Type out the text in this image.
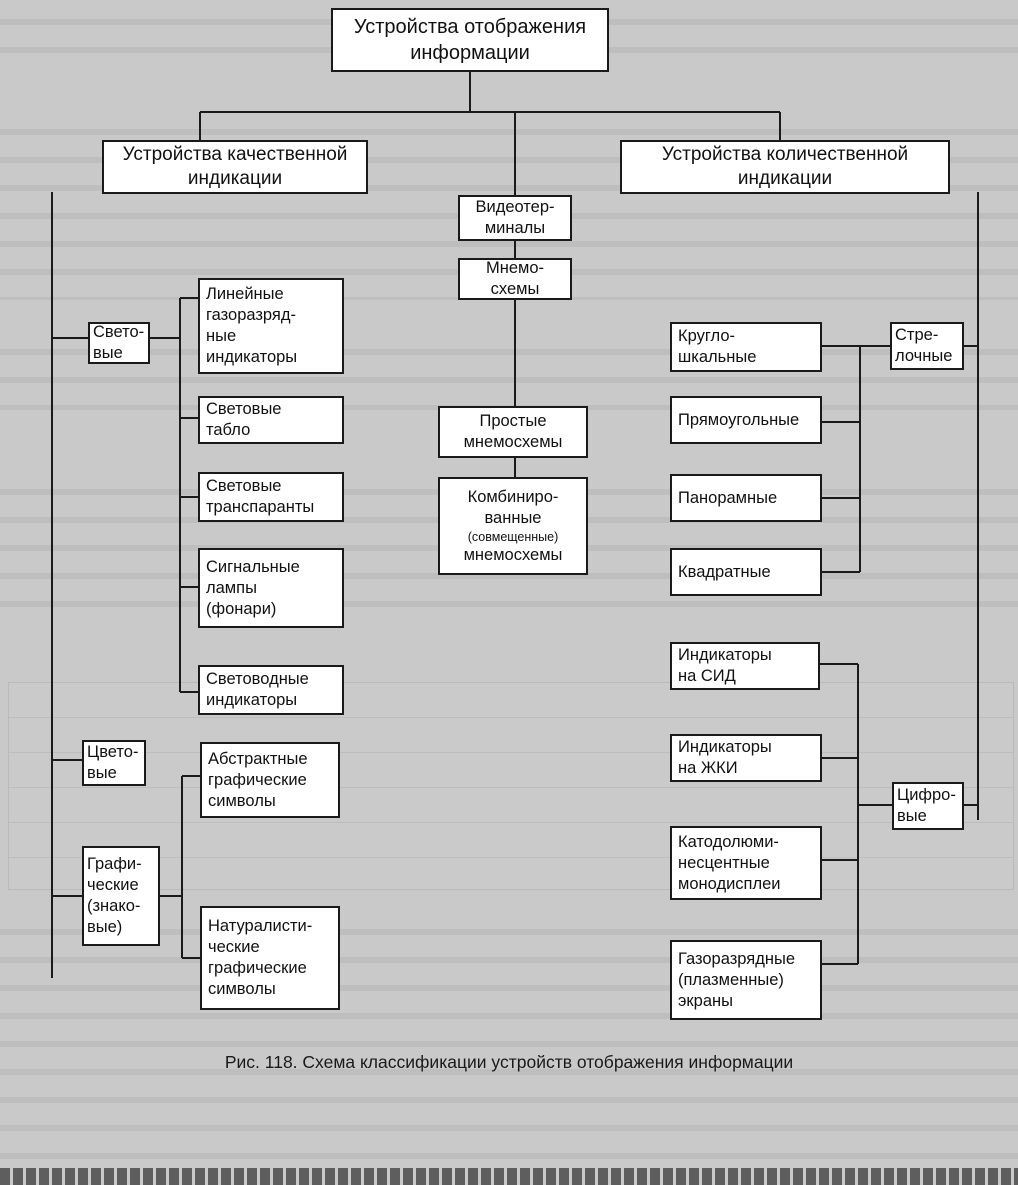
Устройства отображения
информации
Устройства качественной
индикации
Устройства количественной
индикации
Видеотер-
миналы
Мнемо-
схемы
Простые
мнемосхемы
Комбиниро-
ванные
(совмещенные)
мнемосхемы
Свето-
вые
Цвето-
вые
Графи-
ческие
(знако-
вые)
Линейные
газоразряд-
ные
индикаторы
Световые
табло
Световые
транспаранты
Сигнальные
лампы
(фонари)
Световодные
индикаторы
Абстрактные
графические
символы
Натуралисти-
ческие
графические
символы
Стре-
лочные
Цифро-
вые
Кругло-
шкальные
Прямоугольные
Панорамные
Квадратные
Индикаторы
на СИД
Индикаторы
на ЖКИ
Катодолюми-
несцентные
монодисплеи
Газоразрядные
(плазменные)
экраны
Рис. 118. Схема классификации устройств отображения информации
